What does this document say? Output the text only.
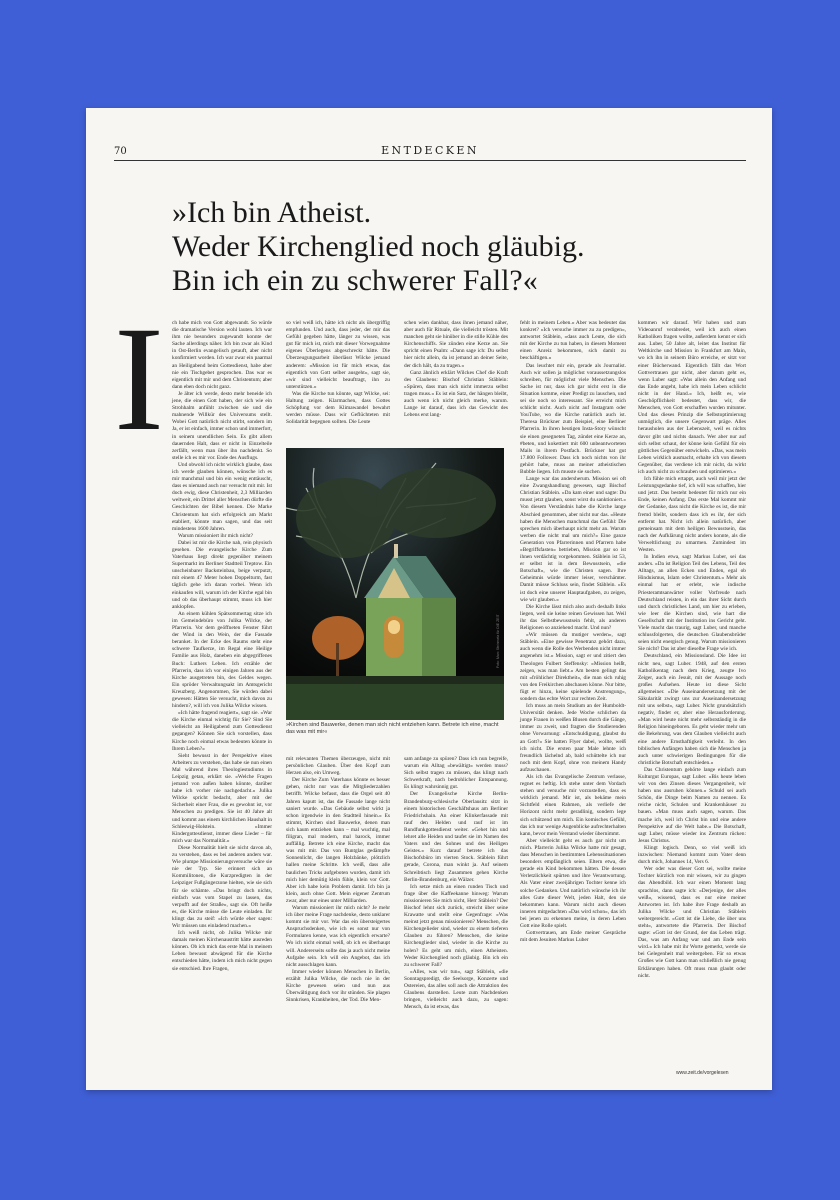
70	ENTDECKEN
»Ich bin Atheist.
Weder Kirchenglied noch gläubig.
Bin ich ein zu schwerer Fall?«
I ch habe mich von Gott abgewandt. So würde die dramatische Version wohl lauten. Ich war ihm nie besonders zugewandt konnte der Sache allerdings näher. Ich bin zwar als Kind in Ost-Berlin evangelisch getauft, aber nicht konfirmiert worden. Ich war zwar ein paarmal an Heiligabend beim Gottesdienst, habe aber nie ein Tischgebet gesprochen. Das war es eigentlich mit mir und dem Christentum; aber dann eben doch nicht ganz.

Je älter ich werde, desto mehr beneide ich jene, die einen Gott haben, der sich wie ein Strohhalm anfühlt zwischen sie und die mahnende Willkür des Universums stellt. Wobei Gott natürlich nicht stirbt, sondern im Ja, er ist einfach, immer schon und immerfort, in seinem unendlichen Sein. Es gibt allem dauernden Halt, dass er nicht in Einzelteile zerfällt, wenn man über ihn nachdenkt. So stelle ich es mir vor. Ende des Ausflugs.

Und obwohl ich nicht wirklich glaube, dass ich werde glauben können, wünsche ich es mir manchmal und bin ein wenig enttäuscht, dass es niemand auch nur versucht mit mir. Ist doch ewig, diese Christenheit, 2,3 Milliarden weltweit, ein Drittel aller Menschen dürfte die Geschichten der Bibel kennen. Die Marke Christentum hat sich erfolgreich am Markt etabliert, könnte man sagen, und das seit mindestens 1600 Jahren.

Warum missioniert ihr mich nicht?

Dabei ist mir die Kirche nah, rein physisch gesehen. Die evangelische Kirche Zum Vaterhaus liegt direkt gegenüber meinem Supermarkt im Berliner Stadtteil Treptow. Ein unscheinbarer Backsteinbau, beige verputzt, mit einem 47 Meter hohen Doppelturm, fast täglich gehe ich daran vorbei. Wenn ich einkaufen will, warum ich der Kirche egal bin und ob das überhaupt stimmt, muss ich hier anklopfen.

An einem kühlen Spätsommertag sitze ich im Gemeindebüro von Julika Wilcke, der Pfarrerin. Vor dem geöffneten Fenster führt der Wind in den Wein, der die Fassade beranket. In der Ecke des Raums steht eine schwere Taufkerze, im Regal eine Heilige Familie aus Holz, daneben ein abgegriffenes Buch: Luthers Leben. Ich erzähle der Pfarrerin, dass ich vor einigen Jahren aus der Kirche ausgetreten bin, des Geldes wegen. Ein spröder Verwaltungsakt im Amtsgericht Kreuzberg. Angenommen, Sie würden dabei gewesen: Hätten Sie versucht, mich davon zu hindern?, will ich von Julika Wilcke wissen.

»Ich hätte fragend reagiert«, sagt sie. »War die Kirche einmal wichtig für Sie? Sind Sie vielleicht an Heiligabend zum Gottesdienst gegangen? Können Sie sich vorstellen, dass Kirche noch einmal etwas bedeuten könnte in Ihrem Leben?«

Sieht bewusst in der Perspektive eines Arbeiters zu verstehen, das habe sie nun einen Mal während ihres Theologiestudiums in Leipzig getan, erklärt sie. »Welche Fragen jemand von außen haben könnte, darüber habe ich vorher nie nachgedacht.« Julika Wilcke spricht bedacht, aber mit der Sicherheit einer Frau, die es gewohnt ist, vor Menschen zu predigen. Sie ist 40 Jahre alt und kommt aus einem kirchlichen Haushalt in Schleswig-Holstein. »Immer Kindergottesdienst, immer diese Lieder – für mich war das Normalität.«

Diese Normalität hielt sie nicht davon ab, zu verstehen, dass es bei anderen anders war. Wie plumpe Missionierungsversuche wäre sie nie der Typ. Sie erinnert sich an Kommilitonen, die Kurzpredigten in der Leipziger Fußgängerzone hielten, wie sie sich für sie schämte. »Das bringt doch nichts, einfach was vom Stapel zu lassen, das verpufft auf der Straße«, sagt sie. Oft heiße es, die Kirche müsse die Leute einladen. Ihr klingt das zu steif: »Ich würde eher sagen: Wir müssen uns einladend machen.«

Ich weiß nicht, ob Julika Wilcke mir damals meinen Kirchenaustritt hätte ausreden können. Ob ich mich das erste Mal in meinem Leben bewusst abwägend für die Kirche entschieden hätte, indem ich mich nicht gegen sie entschied. Ihre Fragen,

so viel weiß ich, hätte ich nicht als übergriffig empfunden. Und auch, dass jeder, der mir das Gefühl gegeben hätte, länger zu wissen, was gut für mich ist, mich mit dieser Vorwegnahme eigenes Überlegens abgeschreckt hätte. Die Überzeugungsarbeit überlässt Wilcke jemand anderem: »Mission ist für mich etwas, das eigentlich von Gott selber ausgeht«, sagt sie, »wir sind vielleicht beauftragt, ihn zu unterstützen.«

Was die Kirche tun könnte, sagt Wilcke, sei: Haltung zeigen. Klarmachen, dass Gottes Schöpfung vor dem Klimawandel bewahrt werden müsse. Dass wir Geflüchteten mit Solidarität begegnen sollten. Die Leute

schen wien dankbar, dass ihnen jemand näher, aber auch für Rituale, die vielleicht trösten. Mit manchen geht sie hinüber in die stille Kühle des Kirchenschiffs. Sie zünden eine Kerze an. Sie spricht einen Psalm: »Dann sage ich: Du selbst hier nicht allein, da ist jemand an deiner Seite, der dich hält, da zu tragen.«

Ganz ähnlich erklärt Wilckes Chef die Kraft des Glaubens: Bischof Christian Stäblein: »Spüren, dass man sich nicht immerzu selbst tragen muss.« Es ist ein Satz, der hängen bleibt, auch wenn ich nicht gleich merke, warum. Lange ist darauf, dass ich das Gewicht des Lebens erst lang-

Foto: Marc Steinmetz für DIE ZEIT
»Kirchen sind Bauwerke, denen man sich nicht entziehen kann. Betrete ich eine, macht das was mit mir«

mit relevanten Themen überzeugen, nicht mit persönlichen Glauben. Über den Kopf zum Herzen also, ein Umweg.

Der Kirche Zum Vaterhaus könnte es besser gehen, nicht nur was die Mitgliederzahlen betrifft. Wilcke befasst, dass die Orgel seit 40 Jahren kaputt ist, das die Fassade lange nicht saniert wurde. »Das Gebäude selbst wirkt ja schon irgendwie in den Stadtteil hinein.« Es stimmt, Kirchen sind Bauwerke, denen man sich kaum entziehen kann – mal wuchtig, mal filigran, mal modern, mal barock, immer auffällig. Betrete ich eine Kirche, macht das was mit mir. Das von Buntglas gedämpfte Sonnenlicht, die langen Holzbänke, plötzlich hallen meine Schritte. Ich weiß, dass alle baulichen Tricks aufgeboten wurden, damit ich mich hier demütig klein fühle, klein vor Gott. Aber ich habe kein Problem damit. Ich bin ja klein, auch ohne Gott. Mein eigener Zentrum zwar, aber nur eines unter Milliarden.

Warum missioniert ihr mich nicht? Je mehr ich über meine Frage nachdenke, desto unklarer kommt sie mir vor. War das ein übersteigertes Anspruchsdenken, wie ich es sonst nur von Formularen kenne, was ich eigentlich erwarte? Wo ich nicht einmal weiß, ob ich es überhaupt will. Andererseits sollte das ja auch nicht meine Aufgabe sein. Ich will ein Angebot, das ich nicht ausschlagen kann.

Immer wieder können Menschen in Berlin, erzählt Julika Wilcke, die noch nie in der Kirche gewesen seien und nun aus Überwältigung doch vor ihr stünden. Sie plagen Sinnkrisen, Krankheiten, der Tod. Die Men-

sam anfange zu spüren? Dass ich nun begreife, warum ein Alltag »bewältigt« werden muss? Sich selbst tragen zu müssen, das klingt nach Schwerkraft, nach bedrohlicher Entspannung. Es klingt wahrsinnig gut.

Der Evangelische Kirche Berlin-Brandenburg-schlesische Oberlausitz sitzt in einem historischen Geschäftshaus am Berliner Friedrichshain. An einer Klinkerfassade mit rauf den Helden und rauf ist im Rundfunkgottesdienst weiter. »Gehet hin und lehret alle Heiden und taufet sie im Namen des Vaters und des Sohnes und des Heiligen Geistes.« Kurz darauf betrete ich das Bischofsbüro im vierten Stock. Stäblein führt gerade, Corona, man winkt ja. Auf seinem Schreibtisch liegt Zusammen gehen Kirche Berlin-Brandenburg, ein Wälzer.

Ich setze mich an einen runden Tisch und frage über die Kaffeekanne hinweg: Warum missionieren Sie mich nicht, Herr Stäblein? Der Bischof lehnt sich zurück, streicht über seine Krawatte und stellt eine Gegenfrage: »Was meinst jetzt genau missionieren? Menschen, die Kirchengelieder sind, wieder zu einem tieferen Glauben zu führen? Menschen, die keine Kirchenglieder sind, wieder in die Kirche zu holen? Es geht um mich, einen Atheisten. Weder Kirchenglied noch gläubig. Bin ich ein zu schwerer Fall?

»Alles, was wir tun«, sagt Stäblein, »die Sonntagspredigt, die Seelsorge, Konzerte und Ostereien, das alles soll auch die Attraktion des Glaubens darstellen. Leute zum Nachdenken bringen, vielleicht auch dazu, zu sagen: Mensch, da ist etwas, das

fehlt in meinem Leben.« Aber was bedeutet das konkret? »Ich versuche immer zu zu predigen«, antwortet Stäblein, »dass auch Leute, die sich mit der Kirche zu tun haben, in diesem Moment einen Anreiz bekommen, sich damit zu beschäftigen.«

Das leuchtet mir ein, gerade als Journalist. Auch wir sollen ja möglichst voraussetzungslos schreiben, für möglichst viele Menschen. Die Sache ist nur, dass ich gar nicht erst in die Situation komme, einer Predigt zu lauschen, und sei sie noch so interessant. Sie erreicht mich schlicht nicht. Auch nicht auf Instagram oder YouTube, wo die Kirche natürlich auch ist. Theresa Brückner zum Beispiel, eine Berliner Pfarrerin. In ihren heutigen Insta-Story wünscht sie einen gesegneten Tag, zündet eine Kerze an, #beten, und kokettiert mit 600 unbeantworteten Mails in ihrem Postfach. Brückner hat gut 17.800 Follower. Dass ich noch nichts von ihr gehört habe, muss an meiner atheistischen Bubble liegen. Ich musste sie suchen.

Lange war das andersherum. Mission sei oft eine Zwangshandlung gewesen, sagt Bischof Christian Stäblein. »Da kam einer und sagte: Du musst jetzt glauben, sonst wirst du sanktioniert.« Von diesem Verständnis habe die Kirche lange Abschied genommen, aber nicht nur das. »Heute haben die Menschen manchmal das Gefühl: Die sprechen mich überhaupt nicht mehr an. Warum werben die nicht mal um mich?« Eine ganze Generation von Pfarrerinnen und Pfarrern habe »Begriffsfasten« betrieben, Mission gar so ist ihnen verdächtig vorgekommen. Stäblein ist 53, er selbst ist in dem Bewusstsein, »die Botschaft«, wie die Christen sagen. Ihre Geheimnis würde immer leiser, verschämter. Damit müsse Schluss sein, findet Stäblein. »Es ist doch eine unserer Hauptaufgaben, zu zeigen, wie wir glauben.«

Die Kirche lässt mich also auch deshalb links liegen, weil sie keine reinen Gewissen hat. Weil ihr das Selbstbewusstsein fehlt, als anderen Religionen so anziehend macht. Und nun?

»Wir müssen da mutiger werden«, sagt Stäblein. »Eine gewisse Penetranz gehört dazu, auch wenn die Rolle des Werbenden nicht immer angenehm ist.« Mission, sagt er und zitiert den Theologen Fulbert Steffensky: »Mission heißt, zeigen, was man liebt.« Am besten gelingt das mit »fröhlicher Direktheit«, die man sich ruhig von den Freikirchen abschauen könne. Nur bitte, fügt er hinzu, keine spielende Anstrengung«, sondern das echte Wort zur rechten Zeit.

Ich muss an mein Studium an der Humboldt-Universität denken. Jede Woche schlichen da junge Frauen in weißen Blusen durch die Gänge, immer zu zweit, und fragten die Studierenden ohne Vorwarnung: »Entschuldigung, glaubst du an Gott?« Sie hatten Flyer dabei, wollte, weiß ich nicht. Die ersten paar Male lehnte ich freundlich lächelnd ab, bald schüttelte ich nur noch mit dem Kopf, ohne von meinem Handy aufzuschauen.

Als ich das Evangelische Zentrum verlasse, regnet es heftig. Ich stehe unter dem Vordach stehen und versuche mir vorzustellen, dass es wirklich jemand. Mir ist, als bekäme mein Sichtfeld einen Rahmen, als verliefe der Horizont nicht mehr geradlinig, sondern lege sich schützend um mich. Ein komisches Gefühl, das ich nur wenige Augenblicke aufrechterhalten kann, bevor mein Verstand wieder übernimmt.

Aber vielleicht geht es auch gar nicht um mich. Pfarrerin Julika Wilcke hatte mir gesagt, dass Menschen in bestimmten Lebenssituationen besonders empfänglich seien. Eltern etwa, die gerade ein Kind bekommen hätten. Die dessen Verletzlichkeit spürten und ihre Verantwortung. Als Vater einer zweijährigen Tochter kenne ich solche Gedanken. Und natürlich wünsche ich ihr alles Gute dieser Welt, jeden Halt, den sie bekommen kann. Warum nicht auch diesen inneren mitgedachten »Das wird schon«, das ich bei jenen zu erkennen meine, in deren Leben Gott eine Rolle spielt.

Gottvertrauen, am Ende meiner Gespräche mit dem Jesuiten Markus Luber

kommen wir darauf. Wir haben und zum Videoanruf verabredet, weil ich auch einen Katholiken fragen wollte, außerdem kennt er sich aus. Luber, 50 Jahre alt, leitet das Institut für Weltkirche und Mission in Frankfurt am Main, wo ich ihn in seinem Büro erreiche, er sitzt vor einer Bücherwand. Eigentlich fällt das Wort Gottvertrauen gar nicht, aber darum geht es, wenn Luber sagt: »Was allein den Anfang und das Ende angeht, habe ich mein Leben schlicht nicht in der Hand.« Ich, heißt es, wie Geschöpflichkeit bedeutet, dass wir, die Menschen, von Gott erschaffen wurden mitunter. Und das dieses Prinzip die Selbstoptimierung unmöglich, die unsere Gegenwart präge. Alles herausholen aus der Lebenszeit, weil es nichts davor gibt und nichts danach. Wer aber nur auf sich selbst schaut, der könne kein Gefühl für ein göttliches Gegenüber entwickeln. »Das, was mein Leben wirklich ausmacht, erhalte ich von diesem Gegenüber, das verdiene ich mir nicht, da wirkt ich auch nicht zu schrauben und optimieren.«

Ich fühle mich ertappt, auch weil mir jetzt der Leistungsgedanke tief, ich will was schaffen, hier und jetzt. Das besteht bedeutet für mich nur ein Ende, keinen Anfang. Das erste Mal kommt mir der Gedanke, dass nicht die Kirche es ist, die mir fremd bleibt, sondern dass ich es ihr, der sich entfernt hat. Nicht ich allein natürlich, aber gemeinsam mit dem heiligen Bewusstsein, das nach der Aufklärung nicht anders konnte, als die Verweltlichung zu umarmen. Zumindest im Westen.

In Indien etwa, sagt Markus Luber, sei das anders. »Da ist Religion Teil des Lebens, Teil des Alltags, an allen Ecken und Enden, egal ob Hinduismus, Islam oder Christentum.« Mehr als einmal hat er erlebt, wie indische Priesteramtsanwärter voller Vorfreude nach Deutschland reisten, in ein das ihrer Sicht durch und durch christliches Land, um hier zu erleben, wie leer die Kirchen sind, wie hart die Gesellschaft mit der Institution ins Gericht geht. Viele macht das traurig, sagt Luber, und manche schlussfolgerten, die deutschen Glaubensbrüder seien nicht energisch genug. Warum missionieren Sie nicht? Das ist aber dieselbe Frage wie ich.

Deutschland, ein Missionsland. Die Idee ist nicht neu, sagt Luber. 1948, auf den ersten Katholikentag nach dem Krieg, zeugte Ivo Zeiger, auch ein Jesuit, mit der Aussage noch großes Aufsehen. Heute ist diese Sicht allgemeiner. »Die Auseinandersetzung mit der Säkularität zwingt uns zur Auseinandersetzung mit uns selbst«, sagt Luber. Nicht grundsätzlich negativ, findet er, aber eine Herausforderung. »Man wird heute nicht mehr selbstständig in die Religion hineingeboren. Es geht wieder mehr um die Bekehrung, was dem Glauben vielleicht auch eine andere Ernsthaftigkeit verleiht. In den biblischen Anfängen haben sich die Menschen ja auch unter schwierigen Bedingungen für die christliche Botschaft entschieden.«

Das Christentum gehörte lange einfach zum Kulturgut Europas, sagt Luber. »Bis heute leben wir von den Zinsen dieses Vergangenheit, wir haben uns ausruhen können.« Schuld sei auch Schön, die Dinge beim Namen zu nennen. Es reiche nicht, Schulen und Krankenhäuser zu bauen. »Man muss auch sagen, warum. Das mache ich, weil ich Christ bin und eine andere Perspektive auf die Welt habe.« Die Botschaft, sagt Luber, müsse wieder ins Zentrum rücken: Jesus Christus.

Klingt logisch. Denn, so viel weiß ich inzwischen: Niemand kommt zum Vater denn durch mich, Johannes 14, Vers 6.

Wer oder was dieser Gott sei, wollte meine Tochter kürzlich von mir wissen, wir zu gingen das Abendbild. Ich war einen Moment lang sprachlos, dann sagte ich: »Derjenige, der alles weiß«, wissend, dass es nur eine meiner Antworten ist. Ich habe ihre Frage deshalb an Julika Wilcke und Christian Stäblein weitergereicht. »Gott ist die Liebe, die über uns steht«, antwortete die Pfarrerin. Der Bischof sagte: »Gott ist der Grund, der das Leben trägt. Das, was am Anfang war und am Ende sein wird.« Ich habe mit ihr Worte gemerkt, werde sie bei Gelegenheit mal weitergeben. Für so etwas Großes wie Gott kann man schließlich nie genug Erklärungen haben. Oft muss man glaubt oder nicht.

www.zeit.de/vorgelesen
